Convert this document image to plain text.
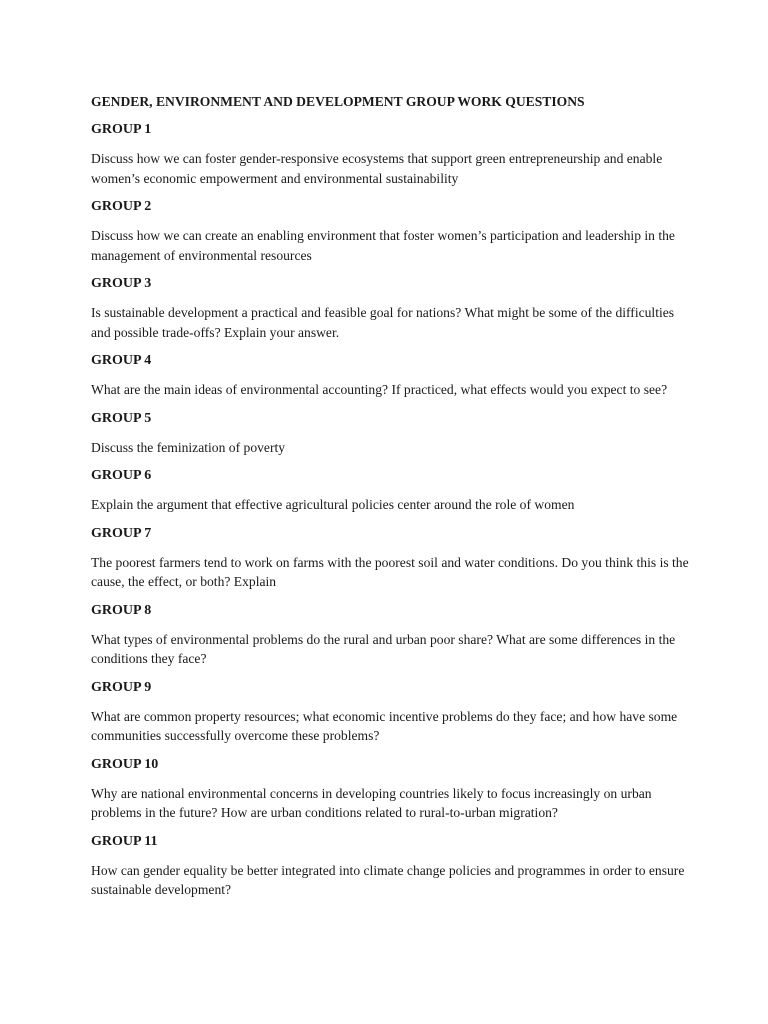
GENDER, ENVIRONMENT AND DEVELOPMENT GROUP WORK QUESTIONS
GROUP 1
Discuss how we can foster gender-responsive ecosystems that support green entrepreneurship and enable women’s economic empowerment and environmental sustainability
GROUP 2
Discuss how we can create an enabling environment that foster women’s participation and leadership in the management of environmental resources
GROUP 3
Is sustainable development a practical and feasible goal for nations? What might be some of the difficulties and possible trade-offs? Explain your answer.
GROUP 4
What are the main ideas of environmental accounting? If practiced, what effects would you expect to see?
GROUP 5
Discuss the feminization of poverty
GROUP 6
Explain the argument that effective agricultural policies center around the role of women
GROUP 7
The poorest farmers tend to work on farms with the poorest soil and water conditions. Do you think this is the cause, the effect, or both? Explain
GROUP 8
What types of environmental problems do the rural and urban poor share? What are some differences in the conditions they face?
GROUP 9
What are common property resources; what economic incentive problems do they face; and how have some communities successfully overcome these problems?
GROUP 10
Why are national environmental concerns in developing countries likely to focus increasingly on urban problems in the future? How are urban conditions related to rural-to-urban migration?
GROUP 11
How can gender equality be better integrated into climate change policies and programmes in order to ensure sustainable development?
